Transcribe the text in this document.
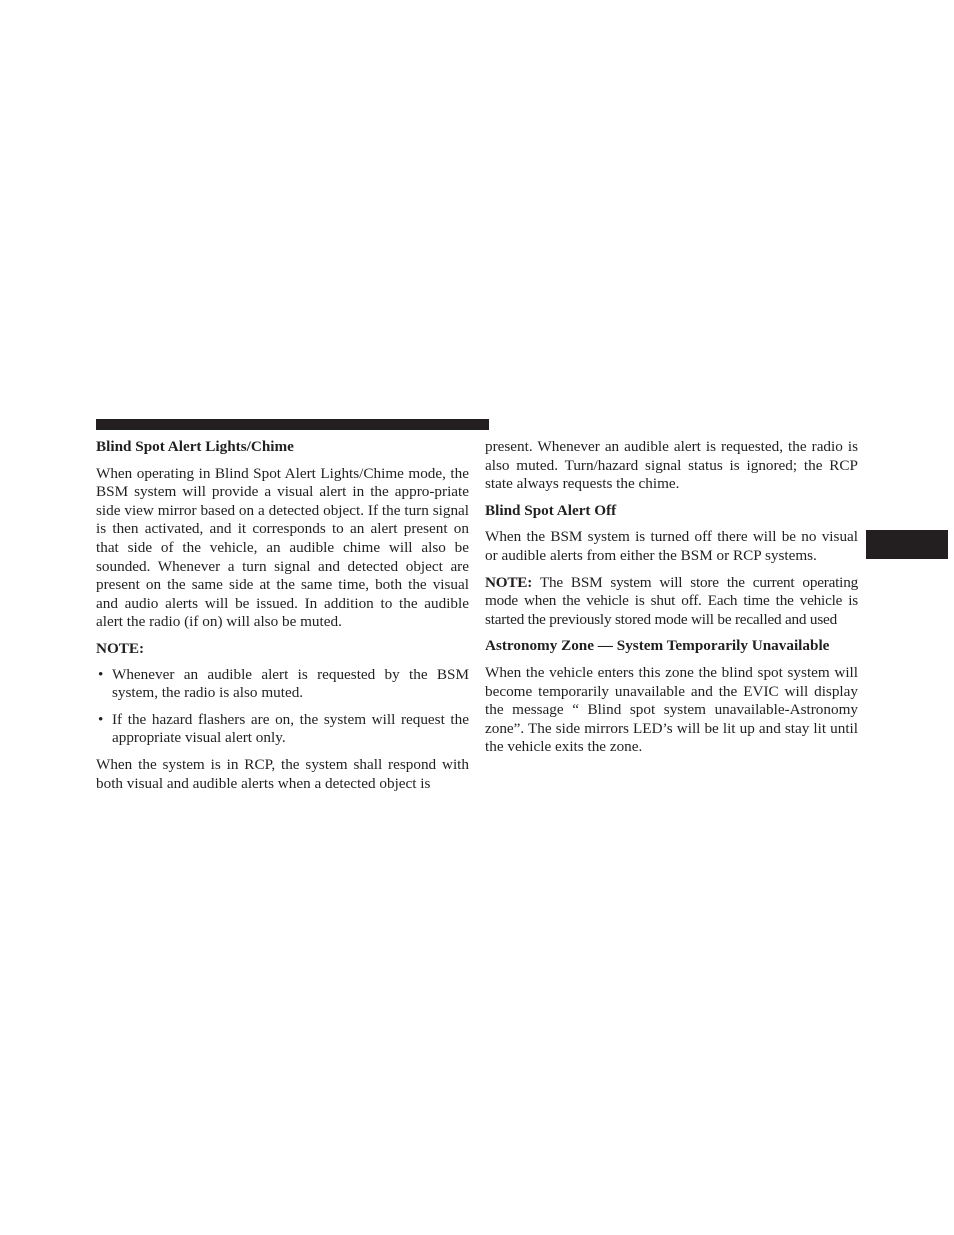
Blind Spot Alert Lights/Chime

When operating in Blind Spot Alert Lights/Chime mode, the BSM system will provide a visual alert in the appro-priate side view mirror based on a detected object. If the turn signal is then activated, and it corresponds to an alert present on that side of the vehicle, an audible chime will also be sounded. Whenever a turn signal and detected object are present on the same side at the same time, both the visual and audio alerts will be issued. In addition to the audible alert the radio (if on) will also be muted.

NOTE:
• Whenever an audible alert is requested by the BSM system, the radio is also muted.
• If the hazard flashers are on, the system will request the appropriate visual alert only.

When the system is in RCP, the system shall respond with both visual and audible alerts when a detected object is

present. Whenever an audible alert is requested, the radio is also muted. Turn/hazard signal status is ignored; the RCP state always requests the chime.

Blind Spot Alert Off

When the BSM system is turned off there will be no visual or audible alerts from either the BSM or RCP systems.

NOTE: The BSM system will store the current operating mode when the vehicle is shut off. Each time the vehicle is started the previously stored mode will be recalled and used

Astronomy Zone — System Temporarily Unavailable

When the vehicle enters this zone the blind spot system will become temporarily unavailable and the EVIC will display the message “ Blind spot system unavailable-Astronomy zone”. The side mirrors LED’s will be lit up and stay lit until the vehicle exits the zone.
